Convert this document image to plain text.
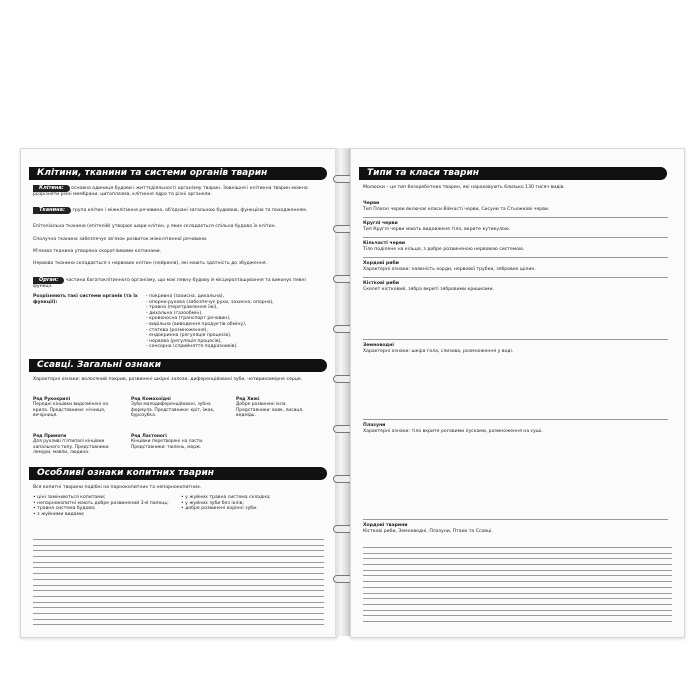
Клітини, тканини та системи органів тварин
Клітина: основна одиниця будови і життєдіяльності організму тварин. Зовнішня і клітинна тварин можна розрізняти різні мембрани, цитоплазма, клітинне ядро та різні органели.
Тканина: група клітин і міжклітинна речовина, об'єднані загальною будовою, функцією та походженням.
Епітеліальна тканина (епітелій) утворює шари клітин, у яких складається спільна будова їх клітин.
Сполучна тканина забезпечує зв'язок розвиток міжклітинної речовини.
М'язова тканина утворена скоротливими клітинами.
Нервова тканина складається з нервових клітин (нейронів), які мають здатність до збудження.
Орган: частина багатоклітинного організму, що має певну будову й місцерозташування та виконує певні функції.
Розрізняють такі системи органів (та їх функції):
- покривна (захисна, дихальна),
- опорно-рухова (забезпечує рухи, захисна, опорна),
- травна (перетравлення їжі),
- дихальна (газообмін),
- кровоносна (транспорт речовин),
- видільна (виведення продуктів обміну),
- статева (розмноження),
- ендокринна (регуляція процесів),
- нервова (регуляція процесів),
- сенсорна (сприйняття подразників).
Ссавці. Загальні ознаки
Характерні ознаки: волосяний покрив, розвинені шкірні залози, диференційовані зуби, чотирикамерне серце.
Ряд Рукокрилі
Передні кінцівки видозмінені на крила. Представники: нічниця, вечірниця.
Ряд Комахоїдні
Зуби малодиференційовані, зубна формула. Представники: кріт, їжак, бурозубка.
Ряд Хижі
Добре розвинені ікла. Представники: вовк, лисиця, ведмідь.
Ряд Примати
Для рухливі п'ятипалі кінцівки хапального типу. Представники: лемури, мавпи, людина.
Ряд Ластоногі
Кінцівки перетворені на ласти. Представники: тюлень, морж.
Особливі ознаки копитних тварин
Вся копитні тварини подібні на парнокопитних та непарнокопитних.
• ціні замінюються копитами;
• непарнокопитні мають добре розвинений 3-й палець;
• травна система будова;
• з жуйними видами;
• у жуйних травна система складна;
• у жуйних зуби без іклів;
• добре розвинені корінні зуби.
Типи та класи тварин
Молюски – це тип безхребетних тварин, які нараховують близько 130 тисяч видів.
Черви
Тип Плоскі черви включає класи Війчасті черви, Сисуни та Стьожкові черви.
Круглі черви
Тип Круглі черви мають видовжене тіло, вкрите кутикулою.
Кільчасті черви
Тіло поділене на кільця, з добре розвиненою нервовою системою.
Хордові риби
Характерні ознаки: наявність хорди, нервової трубки, зябрових щілин.
Кісткові риби
Скелет кістковий, зябра вкриті зябровими кришками.
Земноводні
Характерні ознаки: шкіра гола, слизова, розмноження у воді.
Плазуни
Характерні ознаки: тіло вкрите роговими лусками, розмноження на суші.
Хордові тварини
Кісткові риби, Земноводні, Плазуни, Птахи та Ссавці.
